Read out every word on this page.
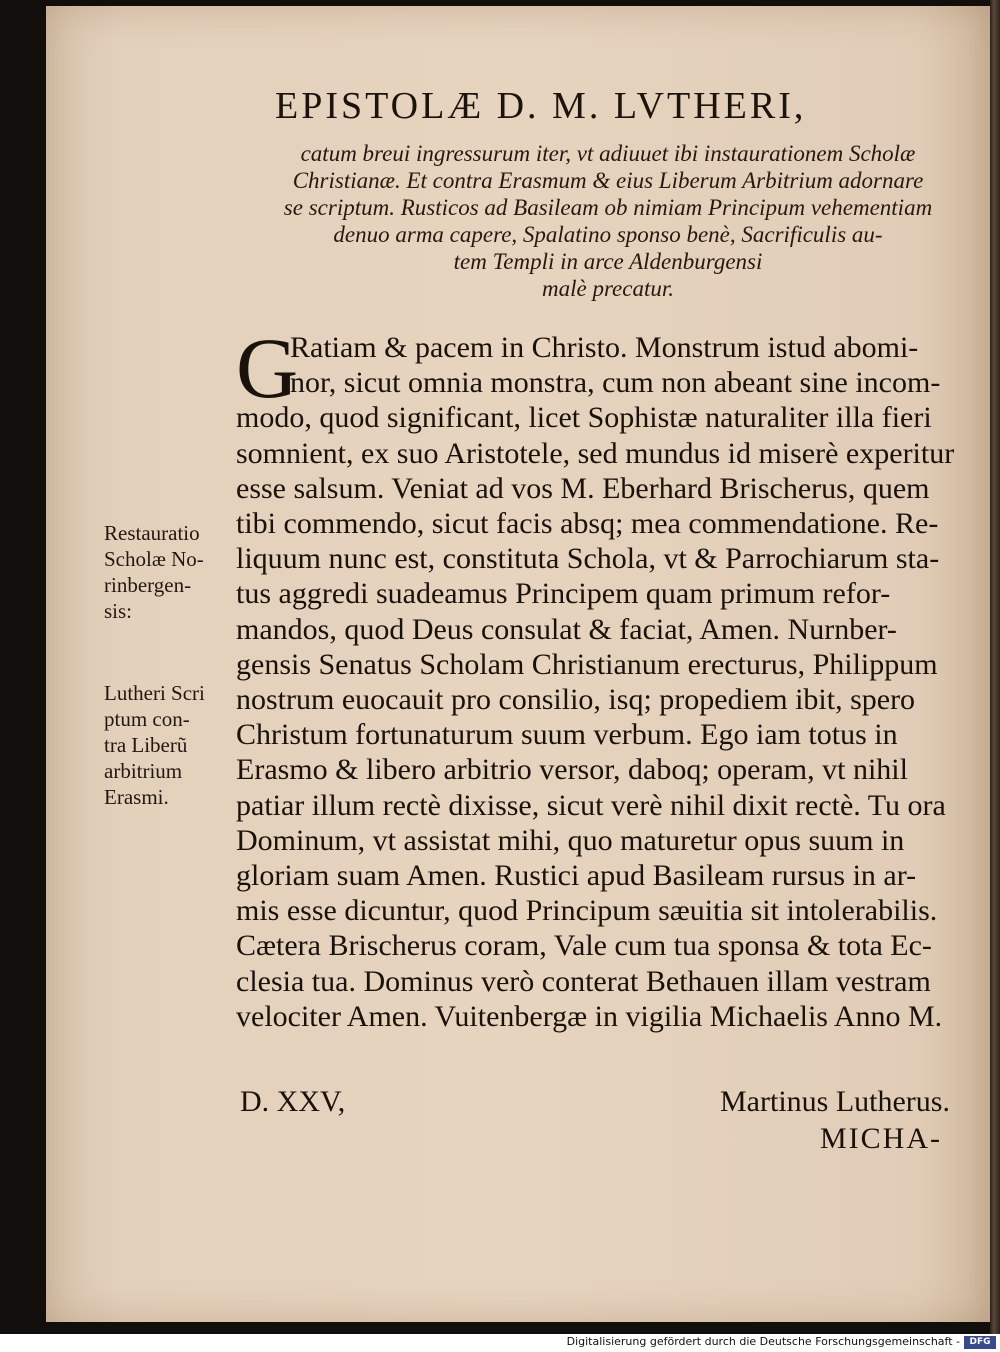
EPISTOLÆ D. M. LVTHERI,
catum breui ingressurum iter, vt adiuuet ibi instaurationem Scholæ
Christianæ. Et contra Erasmum & eius Liberum Arbitrium adornare
se scriptum. Rusticos ad Basileam ob nimiam Principum vehementiam
denuo arma capere, Spalatino sponso benè, Sacrificulis au-
tem Templi in arce Aldenburgensi
malè precatur.
G
Ratiam & pacem in Christo. Monstrum istud abomi-
nor, sicut omnia monstra, cum non abeant sine incom-
modo, quod significant, licet Sophistæ naturaliter illa fieri
somnient, ex suo Aristotele, sed mundus id miserè experitur
esse salsum. Veniat ad vos M. Eberhard Brischerus, quem
tibi commendo, sicut facis absq; mea commendatione. Re-
liquum nunc est, constituta Schola, vt & Parrochiarum sta-
tus aggredi suadeamus Principem quam primum refor-
mandos, quod Deus consulat & faciat, Amen. Nurnber-
gensis Senatus Scholam Christianum erecturus, Philippum
nostrum euocauit pro consilio, isq; propediem ibit, spero
Christum fortunaturum suum verbum. Ego iam totus in
Erasmo & libero arbitrio versor, daboq; operam, vt nihil
patiar illum rectè dixisse, sicut verè nihil dixit rectè. Tu ora
Dominum, vt assistat mihi, quo maturetur opus suum in
gloriam suam Amen. Rustici apud Basileam rursus in ar-
mis esse dicuntur, quod Principum sæuitia sit intolerabilis.
Cætera Brischerus coram, Vale cum tua sponsa & tota Ec-
clesia tua. Dominus verò conterat Bethauen illam vestram
velociter Amen. Vuitenbergæ in vigilia Michaelis Anno M.
Restauratio
Scholæ No-
rinbergen-
sis:
Lutheri Scri
ptum con-
tra Liberũ
arbitrium
Erasmi.
D. XXV,	Martinus Lutherus.
MICHA-
Digitalisierung gefördert durch die Deutsche Forschungsgemeinschaft -	DFG
